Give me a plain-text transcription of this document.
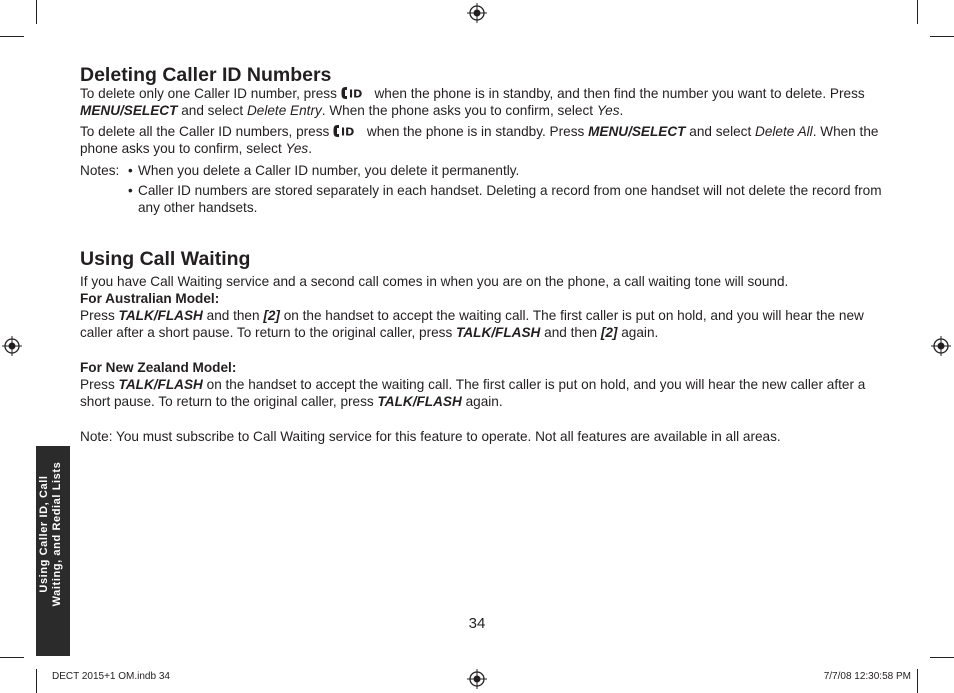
Deleting Caller ID Numbers
To delete only one Caller ID number, press ID when the phone is in standby, and then find the number you want to delete. Press MENU/SELECT and select Delete Entry. When the phone asks you to confirm, select Yes.
To delete all the Caller ID numbers, press ID when the phone is in standby. Press MENU/SELECT and select Delete All. When the phone asks you to confirm, select Yes.
Notes: • When you delete a Caller ID number, you delete it permanently.
• Caller ID numbers are stored separately in each handset. Deleting a record from one handset will not delete the record from any other handsets.
Using Call Waiting
If you have Call Waiting service and a second call comes in when you are on the phone, a call waiting tone will sound.
For Australian Model:
Press TALK/FLASH and then [2] on the handset to accept the waiting call. The first caller is put on hold, and you will hear the new caller after a short pause. To return to the original caller, press TALK/FLASH and then [2] again.
For New Zealand Model:
Press TALK/FLASH on the handset to accept the waiting call. The first caller is put on hold, and you will hear the new caller after a short pause. To return to the original caller, press TALK/FLASH again.
Note: You must subscribe to Call Waiting service for this feature to operate. Not all features are available in all areas.
Using Caller ID, Call Waiting, and Redial Lists
34
DECT 2015+1 OM.indb 34	7/7/08 12:30:58 PM
